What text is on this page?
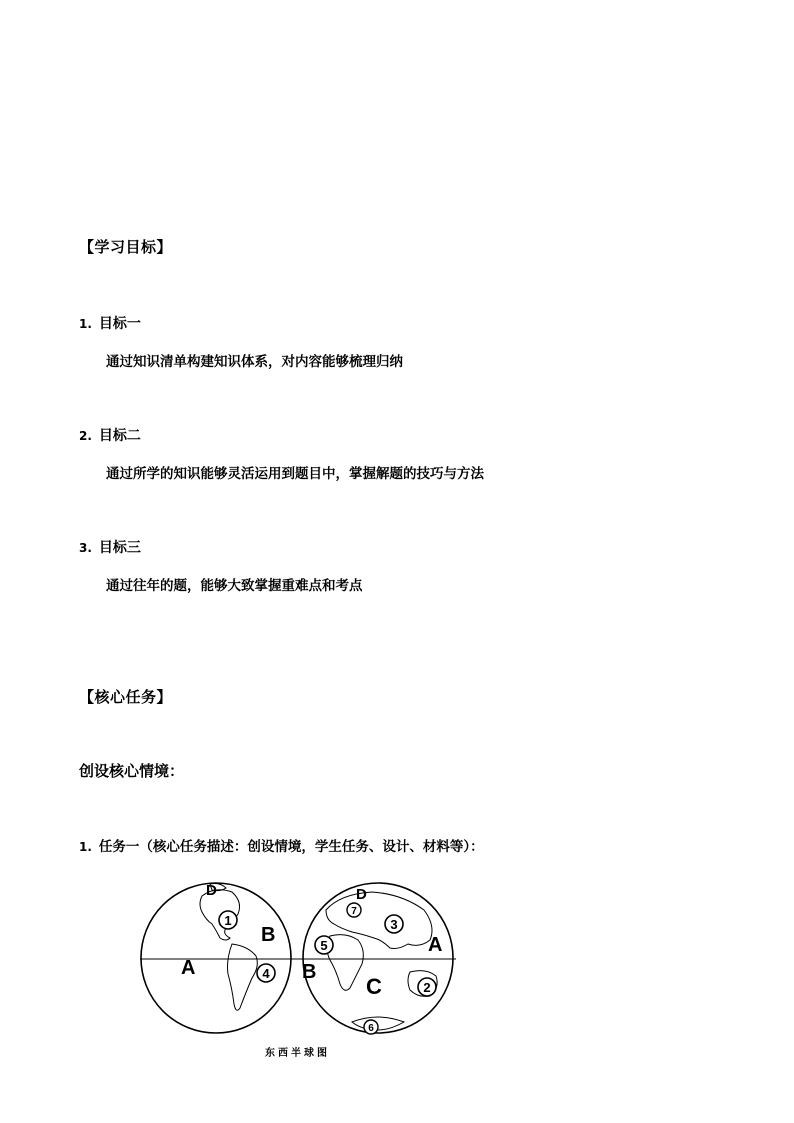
【学习目标】
1. 目标一
通过知识清单构建知识体系，对内容能够梳理归纳
2. 目标二
通过所学的知识能够灵活运用到题目中，掌握解题的技巧与方法
3. 目标三
通过往年的题，能够大致掌握重难点和考点
【核心任务】
创设核心情境：
1. 任务一（核心任务描述：创设情境，学生任务、设计、材料等）：
D
B
A
D
A
B
C
1
4
7
3
5
2
6
东西半球图
